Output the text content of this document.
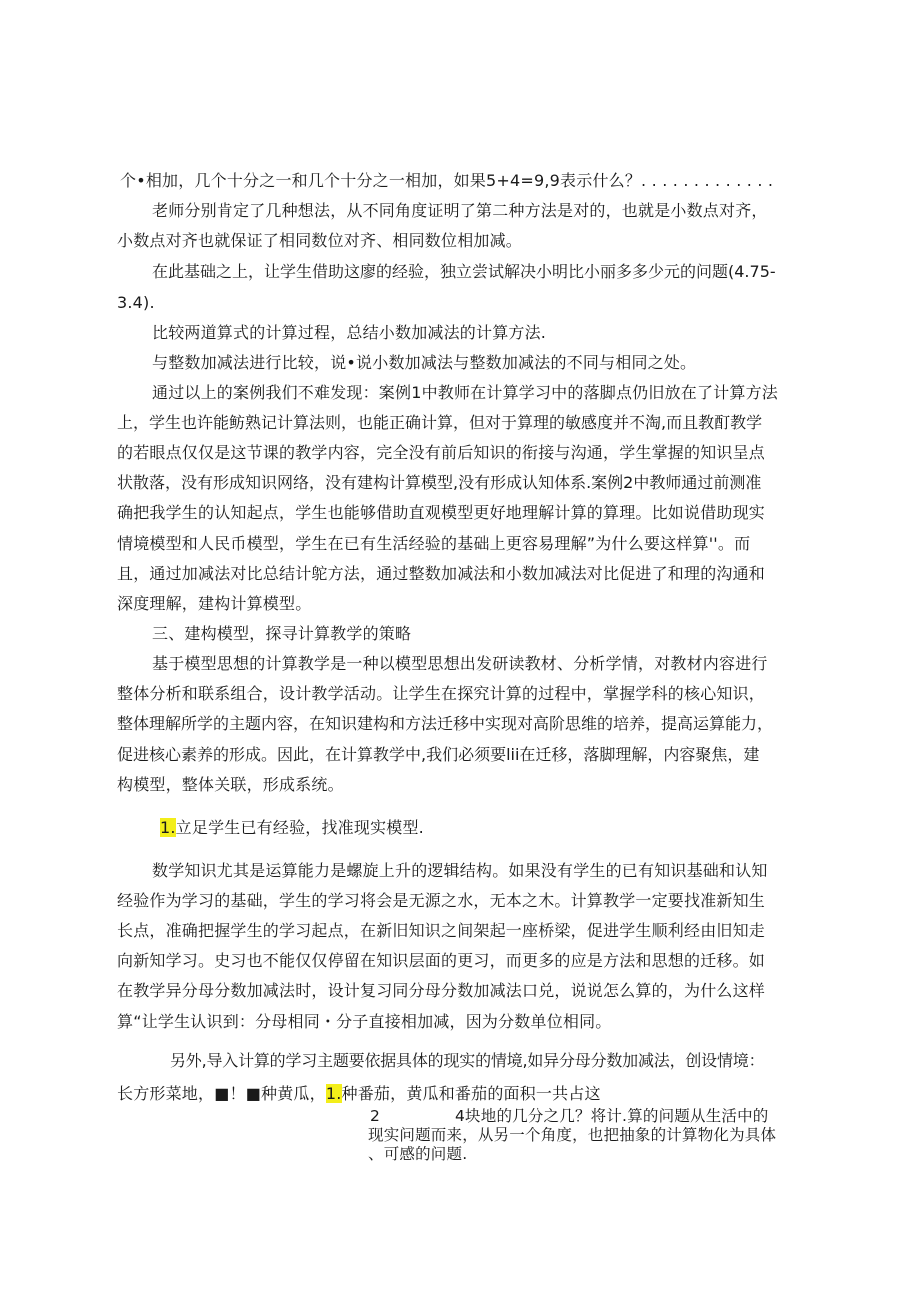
个•相加，几个十分之一和几个十分之一相加，如果5+4=9,9表示什么？. . . . . . . . . . . . .
老师分别肯定了几种想法，从不同角度证明了第二种方法是对的，也就是小数点对齐，
小数点对齐也就保证了相同数位对齐、相同数位相加减。
在此基础之上，让学生借助这廖的经验，独立尝试解决小明比小丽多多少元的问题(4.75-
3.4).
比较两道算式的计算过程，总结小数加减法的计算方法.
与整数加减法进行比较，说•说小数加减法与整数加减法的不同与相同之处。
通过以上的案例我们不难发现：案例1中教师在计算学习中的落脚点仍旧放在了计算方法
上，学生也许能鲂熟记计算法则，也能正确计算，但对于算理的敏感度并不淘,而且教酊教学
的若眼点仅仅是这节课的教学内容，完全没有前后知识的衔接与沟通，学生掌握的知识呈点
状散落，没有形成知识网络，没有建构计算模型,没有形成认知体系.案例2中教师通过前测准
确把我学生的认知起点，学生也能够借助直观模型更好地理解计算的算理。比如说借助现实
情境模型和人民币模型，学生在已有生活经验的基础上更容易理解”为什么要这样算''。而
且，通过加减法对比总结计鸵方法，通过整数加减法和小数加减法对比促进了和理的沟通和
深度理解，建构计算模型。
三、建构模型，探寻计算教学的策略
基于模型思想的计算教学是一种以模型思想出发研读教材、分析学情，对教材内容进行
整体分析和联系组合，设计教学活动。让学生在探究计算的过程中，掌握学科的核心知识，
整体理解所学的主题内容，在知识建构和方法迁移中实现对高阶思维的培养，提高运算能力，
促进核心素养的形成。因此，在计算教学中,我们必须要lii在迁移，落脚理解，内容聚焦，建
构模型，整体关联，形成系统。
1.立足学生已有经验，找准现实模型.
数学知识尤其是运算能力是螺旋上升的逻辑结构。如果没有学生的已有知识基础和认知
经验作为学习的基础，学生的学习将会是无源之水，无本之木。计算教学一定要找准新知生
长点，准确把握学生的学习起点，在新旧知识之间架起一座桥梁，促进学生顺利经由旧知走
向新知学习。史习也不能仅仅停留在知识层面的更习，而更多的应是方法和思想的迁移。如
在教学异分母分数加减法时，设计复习同分母分数加减法口兑，说说怎么算的，为什么这样
算“让学生认识到：分母相同・分子直接相加减，因为分数单位相同。
另外,导入计算的学习主题要依据具体的现实的情境,如异分母分数加减法，创设情境：
长方形菜地，■！■种黄瓜，1.种番茄，黄瓜和番茄的面积一共占这
2	4块地的几分之几？将计.算的问题从生活中的
现实问题而来，从另一个角度，也把抽象的计算物化为具体
、可感的问题.
